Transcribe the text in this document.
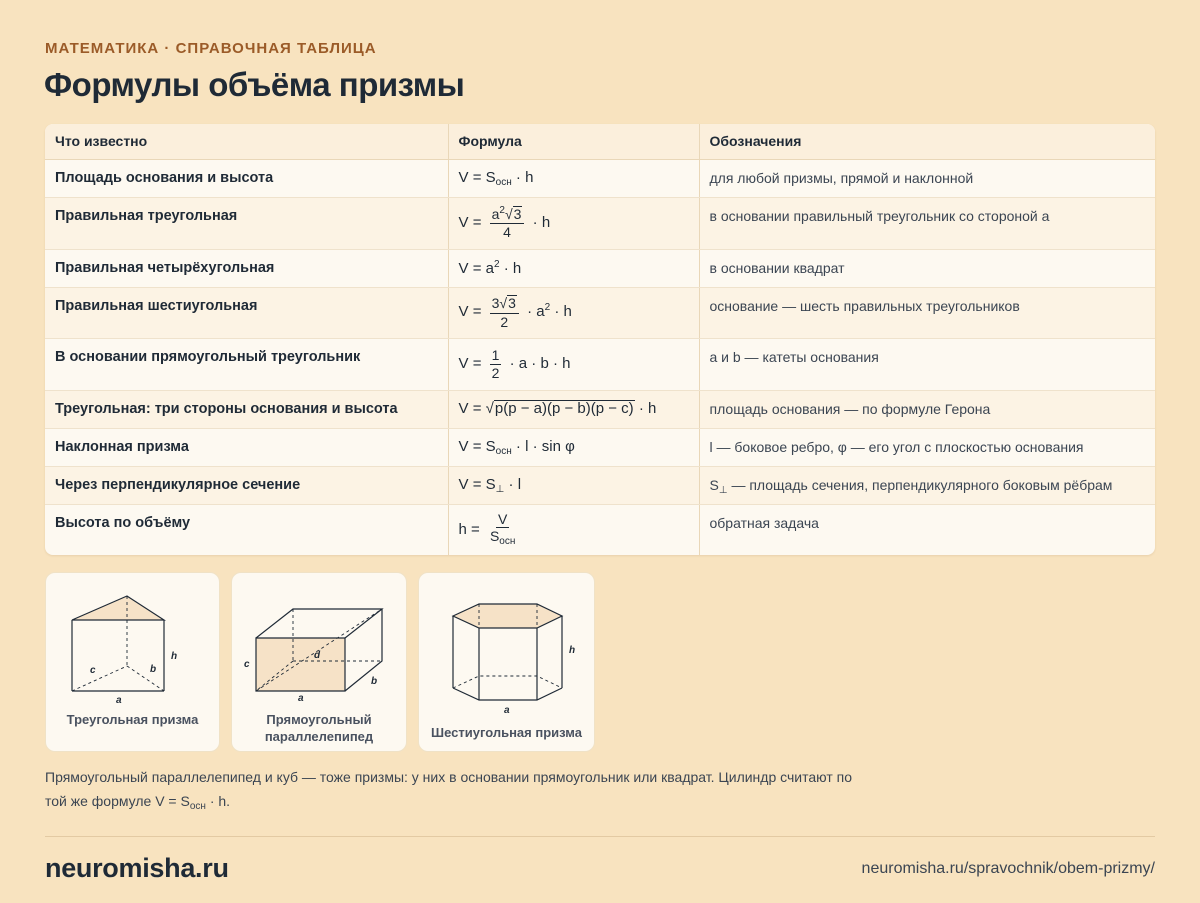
МАТЕМАТИКА · СПРАВОЧНАЯ ТАБЛИЦА
Формулы объёма призмы
Что известно	Формула	Обозначения
Площадь основания и высота	$V = S_{осн} \cdot h$	для любой призмы, прямой и наклонной
Правильная треугольная	$V = \frac{a^2√3}{4} \cdot h$	в основании правильный треугольник со стороной a
Правильная четырёхугольная	$V = a^2 \cdot h$	в основании квадрат
Правильная шестиугольная	$V = \frac{3√3}{2} \cdot a^2 \cdot h$	основание — шесть правильных треугольников
В основании прямоугольный треугольник	$V = \frac{1}{2} \cdot a \cdot b \cdot h$	a и b — катеты основания
Треугольная: три стороны основания и высота	V = √p(p − a)(p − b)(p − c) · h	площадь основания — по формуле Герона
Наклонная призма	$V = S_{осн} \cdot l \cdot \sin \varphi$	l — боковое ребро, φ — его угол с плоскостью основания
Через перпендикулярное сечение	$V = S_\perp \cdot l$	$S_\perp$ — площадь сечения, перпендикулярного боковым рёбрам
Высота по объёму	$h = \frac{V}{S_{осн}}$	обратная задача
h
c	b
a
Треугольная призма
c
d
a
b
Прямоугольный
параллелепипед
h
a
Шестиугольная призма
Прямоугольный параллелепипед и куб — тоже призмы: у них в основании прямоугольник или квадрат. Цилиндр считают по
той же формуле $V = S_{осн} \cdot h$.
neuromisha.ru	neuromisha.ru/spravochnik/obem-prizmy/
